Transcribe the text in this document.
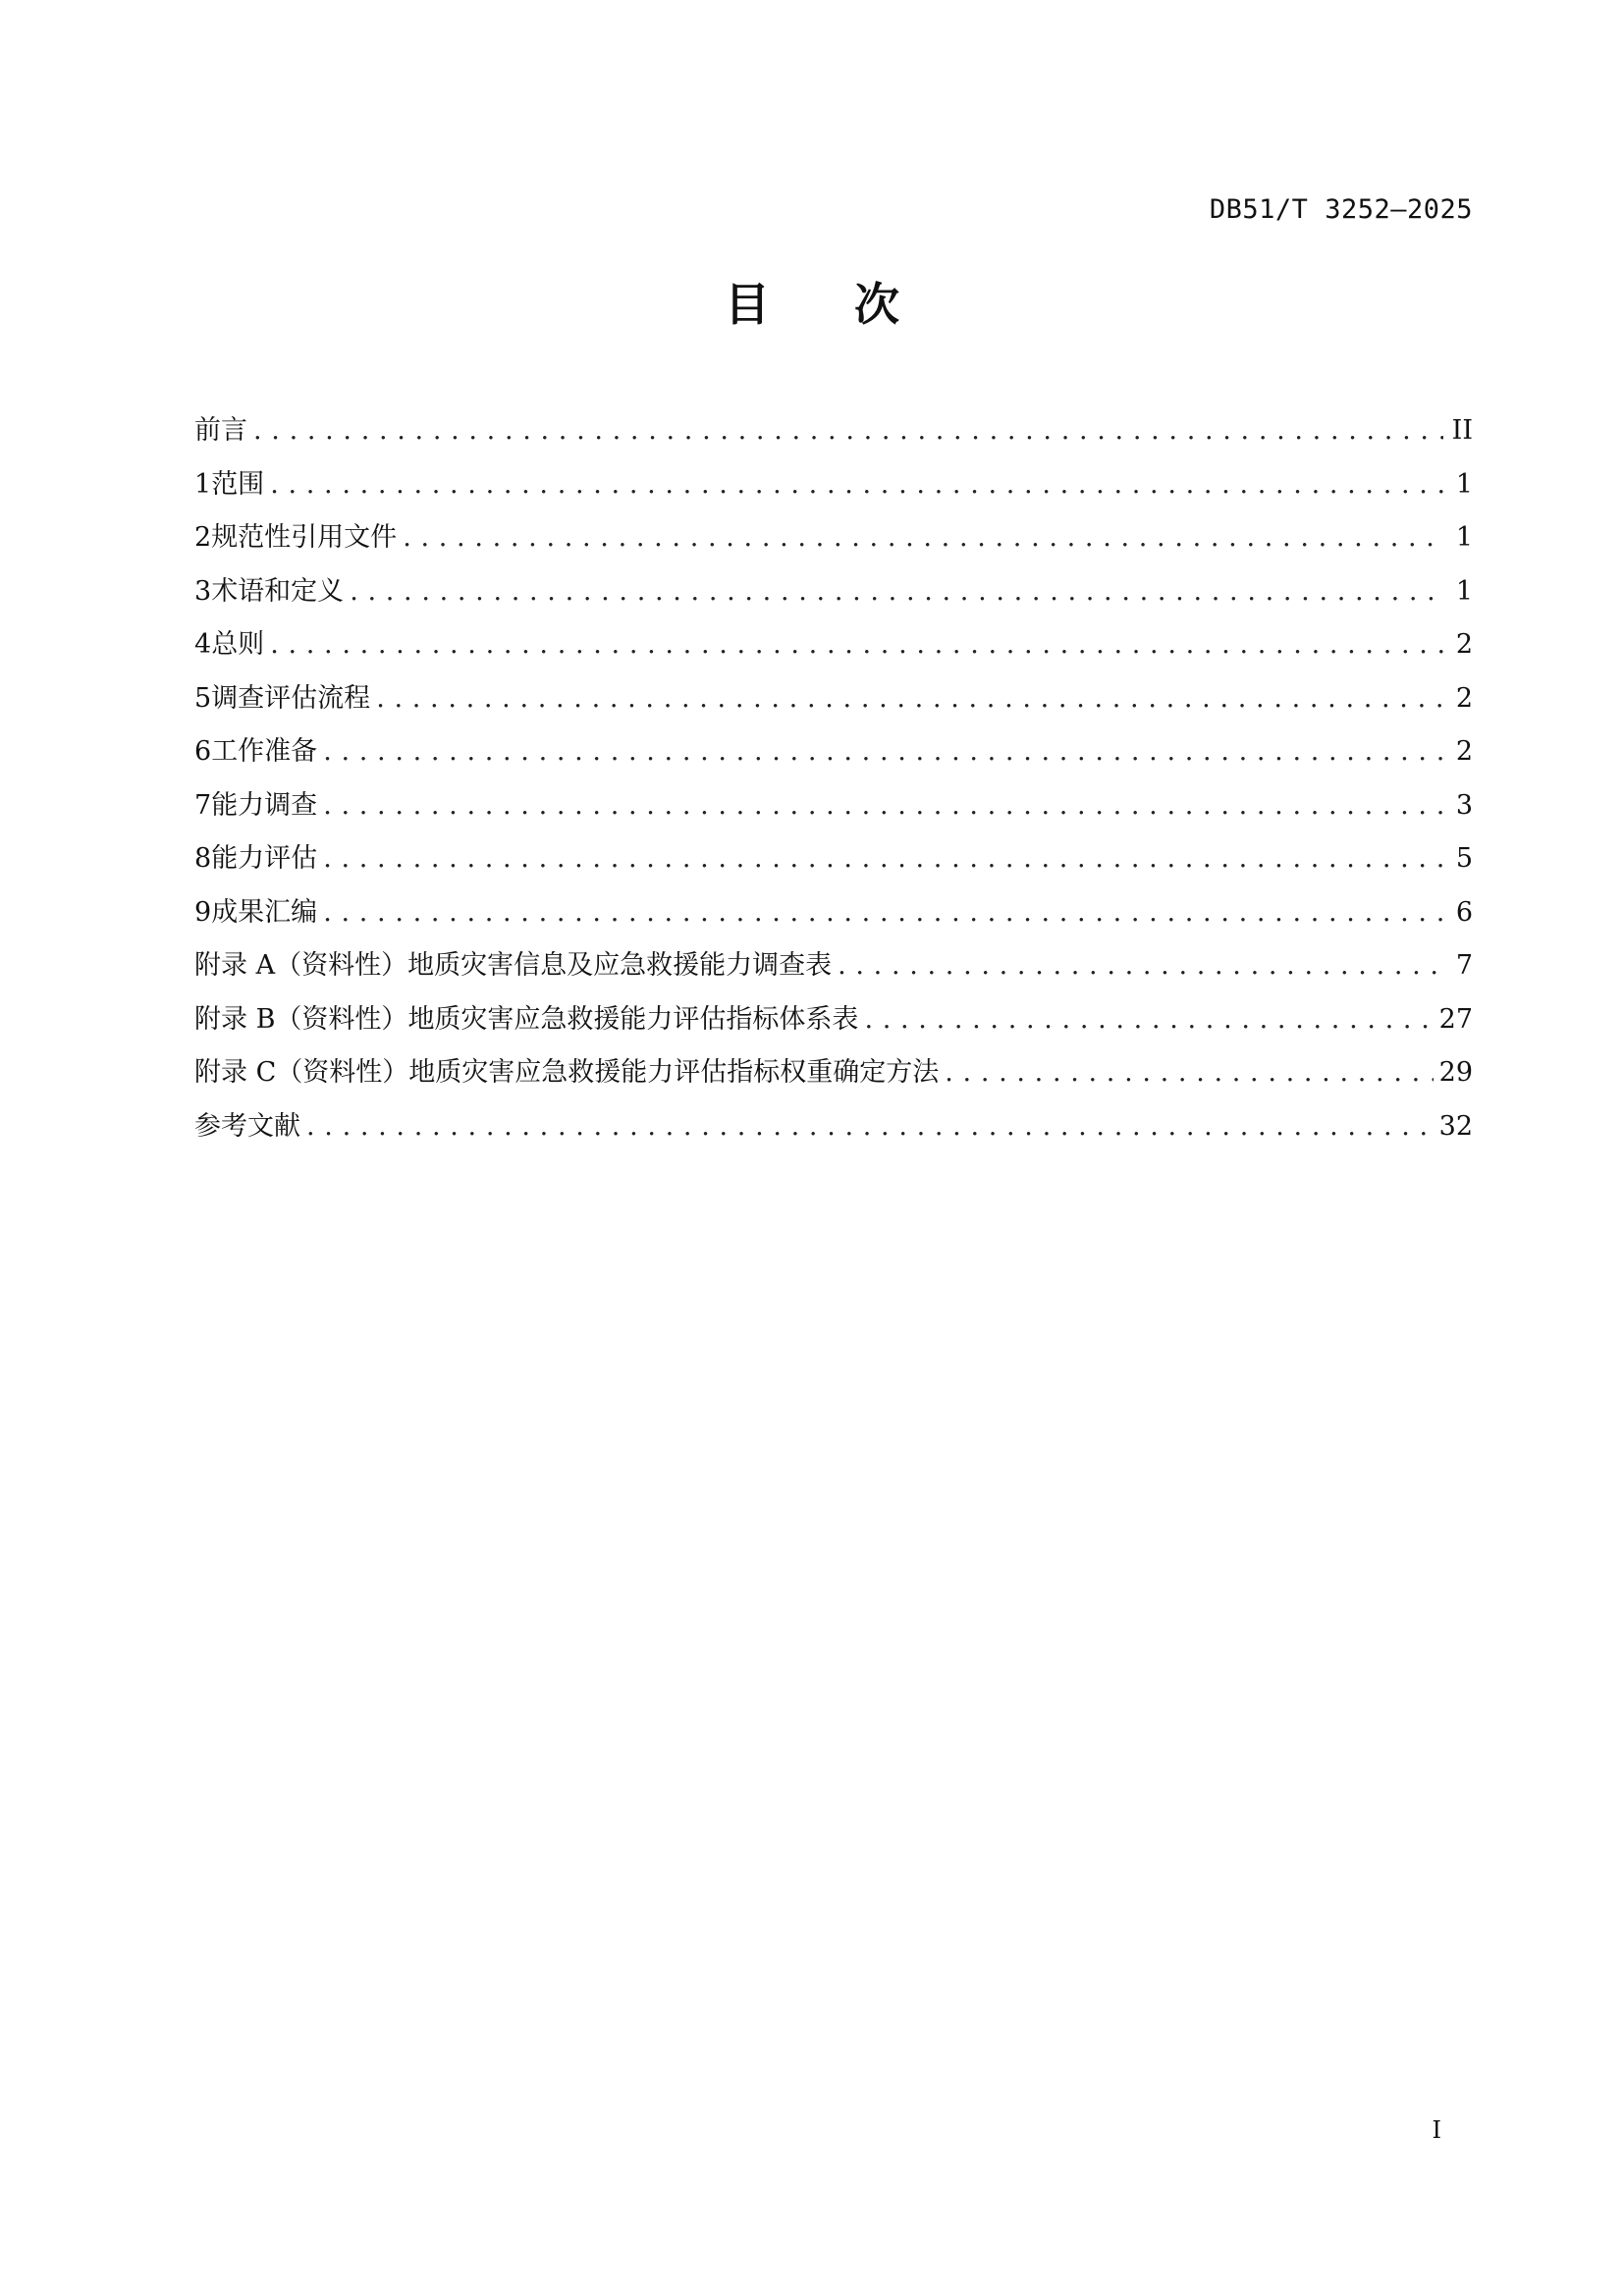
DB51/T 3252—2025
目 次
前言 .....	II
1 范围 .....	1
2 规范性引用文件 .....	1
3 术语和定义 .....	1
4 总则 .....	2
5 调查评估流程 .....	2
6 工作准备 .....	2
7 能力调查 .....	3
8 能力评估 .....	5
9 成果汇编 .....	6
附录 A（资料性） 地质灾害信息及应急救援能力调查表 .....	7
附录 B（资料性） 地质灾害应急救援能力评估指标体系表 .....	27
附录 C（资料性） 地质灾害应急救援能力评估指标权重确定方法 .....	29
参考文献 .....	32
I
